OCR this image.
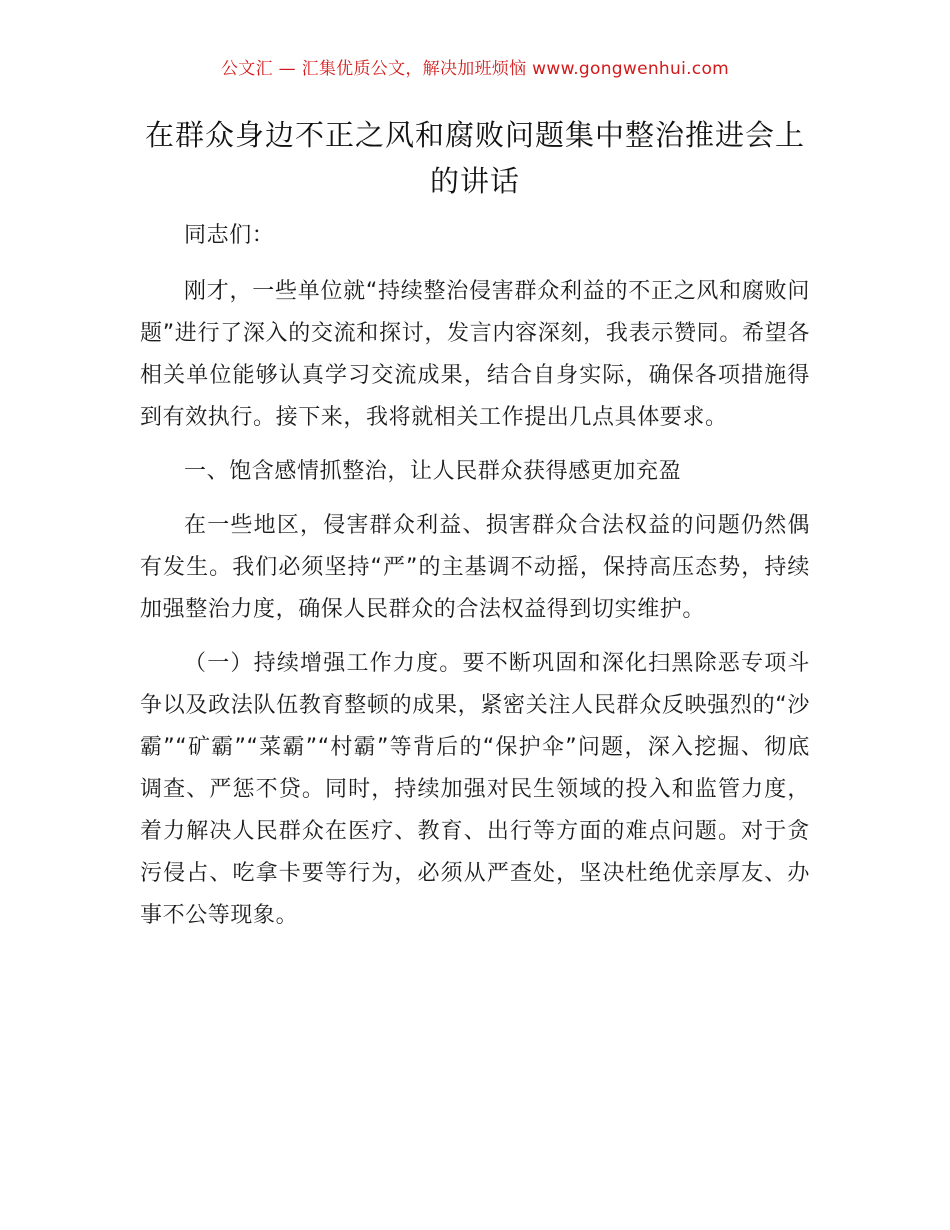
公文汇 — 汇集优质公文，解决加班烦恼 www.gongwenhui.com
在群众身边不正之风和腐败问题集中整治推进会上的讲话

同志们：

刚才，一些单位就“持续整治侵害群众利益的不正之风和腐败问题”进行了深入的交流和探讨，发言内容深刻，我表示赞同。希望各相关单位能够认真学习交流成果，结合自身实际，确保各项措施得到有效执行。接下来，我将就相关工作提出几点具体要求。

一、饱含感情抓整治，让人民群众获得感更加充盈

在一些地区，侵害群众利益、损害群众合法权益的问题仍然偶有发生。我们必须坚持“严”的主基调不动摇，保持高压态势，持续加强整治力度，确保人民群众的合法权益得到切实维护。

（一）持续增强工作力度。要不断巩固和深化扫黑除恶专项斗争以及政法队伍教育整顿的成果，紧密关注人民群众反映强烈的“沙霸”“矿霸”“菜霸”“村霸”等背后的“保护伞”问题，深入挖掘、彻底调查、严惩不贷。同时，持续加强对民生领域的投入和监管力度，着力解决人民群众在医疗、教育、出行等方面的难点问题。对于贪污侵占、吃拿卡要等行为，必须从严查处，坚决杜绝优亲厚友、办事不公等现象。
